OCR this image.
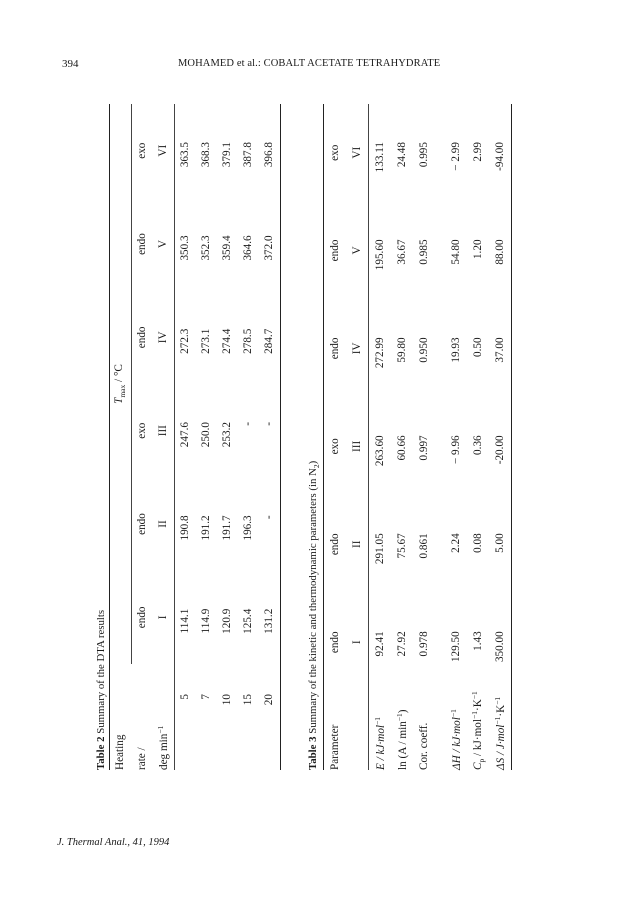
394	MOHAMED et al.: COBALT ACETATE TETRAHYDRATE
Table 2 Summary of the DTA results
Heating	$T_{max} / ^\circ C$					
rate /	endo	endo	exo	endo	endo	exo
deg $\min^{-1}$	I	II	III	IV	V	VI
5	114.1	190.8	247.6	272.3	350.3	363.5
7	114.9	191.2	250.0	273.1	352.3	368.3
10	120.9	191.7	253.2	274.4	359.4	379.1
15	125.4	196.3	-	278.5	364.6	387.8
20	131.2	-	-	284.7	372.0	396.8
Table 3 Summary of the kinetic and thermodynamic parameters (in $N_2$)
Parameter	endo	endo	exo	endo	endo	exo
	I	II	III	IV	V	VI
E / kJ·mol$^{-1}$	92.41	291.05	263.60	272.99	195.60	133.11
$\ln (A / \min^{-1})$	27.92	75.67	60.66	59.80	36.67	24.48
Cor. coeff.	0.978	0.861	0.997	0.950	0.985	0.995

ΔH / kJ·mol$^{-1}$	129.50	2.24	− 9.96	19.93	54.80	− 2.99
$C_p / kJ\cdot mol^{-1}\cdot K^{-1}$	1.43	0.08	0.36	0.50	1.20	2.99
$\Delta S / J\cdot mol^{-1}\cdot K^{-1}$	350.00	5.00	-20.00	37.00	88.00	-94.00
J. Thermal Anal., 41, 1994
